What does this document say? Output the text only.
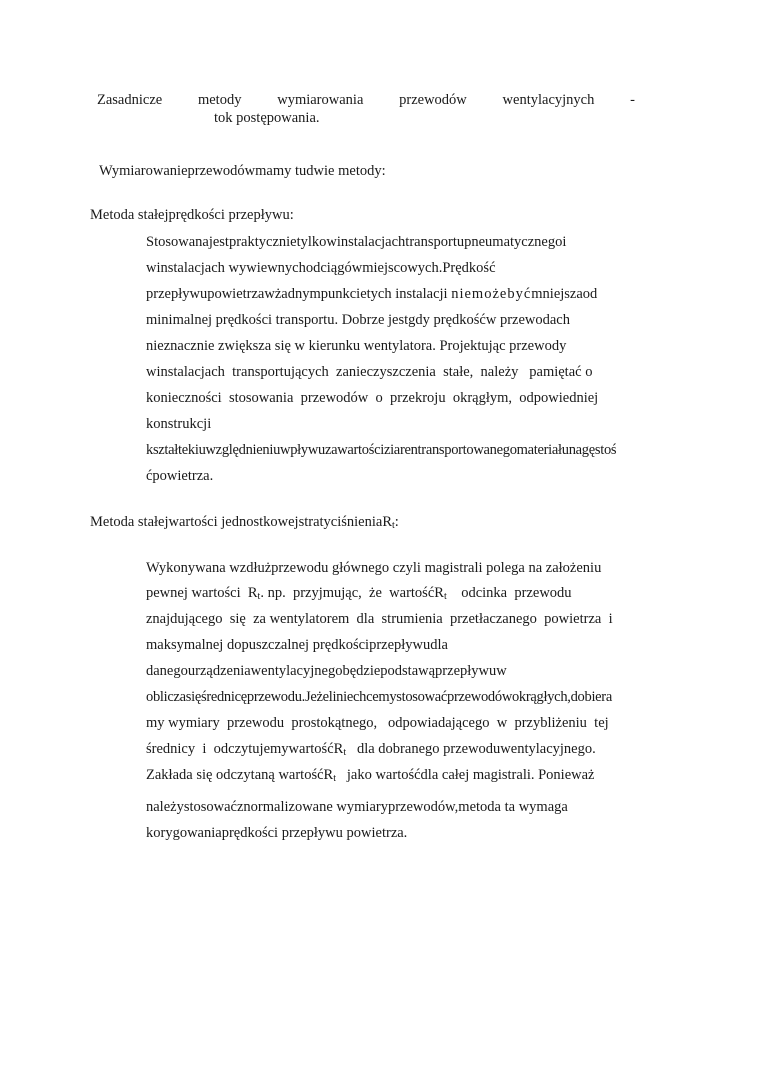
Zasadnicze metody wymiarowania przewodów wentylacyjnych -
tok postępowania.
Wymiarowanieprzewodówmamy tudwie metody:
Metoda stałejprędkości przepływu:
Stosowanajestpraktycznietylkowinstalacjachtransportupneumatycznegoi
winstalacjach wywiewnychodciągówmiejscowych.Prędkość
przepływupowietrzawżadnympunkcietych instalacji niemożebyćmniejszaod
minimalnej prędkości transportu. Dobrze jestgdy prędkośćw przewodach
nieznacznie zwiększa się w kierunku wentylatora. Projektując przewody
winstalacjach  transportujących  zanieczyszczenia  stałe,  należy   pamiętać o
konieczności  stosowania  przewodów  o  przekroju  okrągłym,  odpowiedniej
konstrukcji
kształtekiuwzględnieniuwpływuzawartościziarentransportowanegomateriałunagęstoś
ćpowietrza.
Metoda stałejwartości jednostkowejstratyciśnieniaR$_t$:
Wykonywana wzdłużprzewodu głównego czyli magistrali polega na założeniu
pewnej wartości  $R_t$. np.  przyjmując,  że  wartośćR$_t$    odcinka  przewodu
znajdującego  się  za wentylatorem  dla  strumienia  przetłaczanego  powietrza  i
maksymalnej dopuszczalnej prędkościprzepływudla
danegourządzeniawentylacyjnegobędziepodstawąprzepływuw
obliczasięśrednicęprzewodu.Jeżeliniechcemystosowaćprzewodówokrągłych,dobiera
my wymiary  przewodu  prostokątnego,   odpowiadającego  w  przybliżeniu  tej
średnicy  i  odczytujemywartośćR$_t$   dla dobranego przewoduwentylacyjnego.
Zakłada się odczytaną wartośćR$_t$   jako wartośćdla całej magistrali. Ponieważ
należystosowaćznormalizowane wymiaryprzewodów,metoda ta wymaga
korygowaniaprędkości przepływu powietrza.
